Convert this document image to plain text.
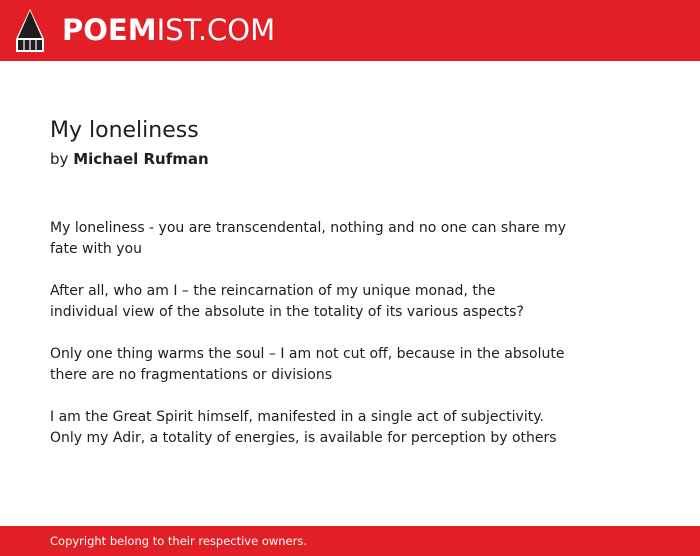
POEMIST.COM
My loneliness
by Michael Rufman

My loneliness - you are transcendental, nothing and no one can share my
fate with you

After all, who am I – the reincarnation of my unique monad, the
individual view of the absolute in the totality of its various aspects?

Only one thing warms the soul – I am not cut off, because in the absolute
there are no fragmentations or divisions

I am the Great Spirit himself, manifested in a single act of subjectivity.
Only my Adir, a totality of energies, is available for perception by others

Copyright belong to their respective owners.
